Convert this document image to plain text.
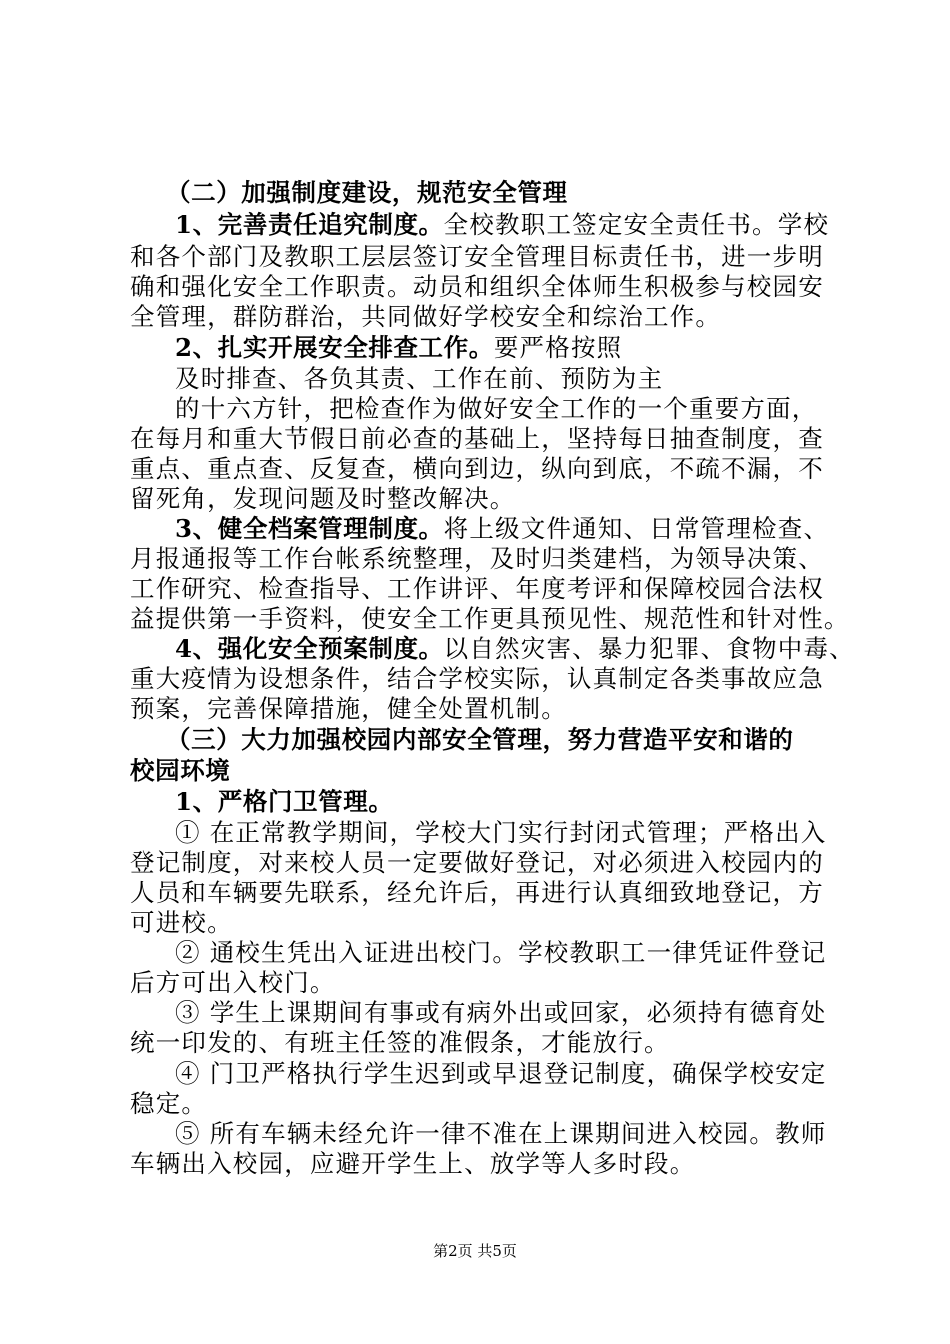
（二）加强制度建设，规范安全管理
1、完善责任追究制度。全校教职工签定安全责任书。学校
和各个部门及教职工层层签订安全管理目标责任书，进一步明
确和强化安全工作职责。动员和组织全体师生积极参与校园安
全管理，群防群治，共同做好学校安全和综治工作。
2、扎实开展安全排查工作。要严格按照
及时排查、各负其责、工作在前、预防为主
的十六方针，把检查作为做好安全工作的一个重要方面，
在每月和重大节假日前必查的基础上，坚持每日抽查制度，查
重点、重点查、反复查，横向到边，纵向到底，不疏不漏，不
留死角，发现问题及时整改解决。
3、健全档案管理制度。将上级文件通知、日常管理检查、
月报通报等工作台帐系统整理，及时归类建档，为领导决策、
工作研究、检查指导、工作讲评、年度考评和保障校园合法权
益提供第一手资料，使安全工作更具预见性、规范性和针对性。
4、强化安全预案制度。以自然灾害、暴力犯罪、食物中毒、
重大疫情为设想条件，结合学校实际，认真制定各类事故应急
预案，完善保障措施，健全处置机制。
（三）大力加强校园内部安全管理，努力营造平安和谐的
校园环境
1、严格门卫管理。
① 在正常教学期间，学校大门实行封闭式管理；严格出入
登记制度，对来校人员一定要做好登记，对必须进入校园内的
人员和车辆要先联系，经允许后，再进行认真细致地登记，方
可进校。
② 通校生凭出入证进出校门。学校教职工一律凭证件登记
后方可出入校门。
③ 学生上课期间有事或有病外出或回家，必须持有德育处
统一印发的、有班主任签的准假条，才能放行。
④ 门卫严格执行学生迟到或早退登记制度，确保学校安定
稳定。
⑤ 所有车辆未经允许一律不准在上课期间进入校园。教师
车辆出入校园，应避开学生上、放学等人多时段。
第2页 共5页
